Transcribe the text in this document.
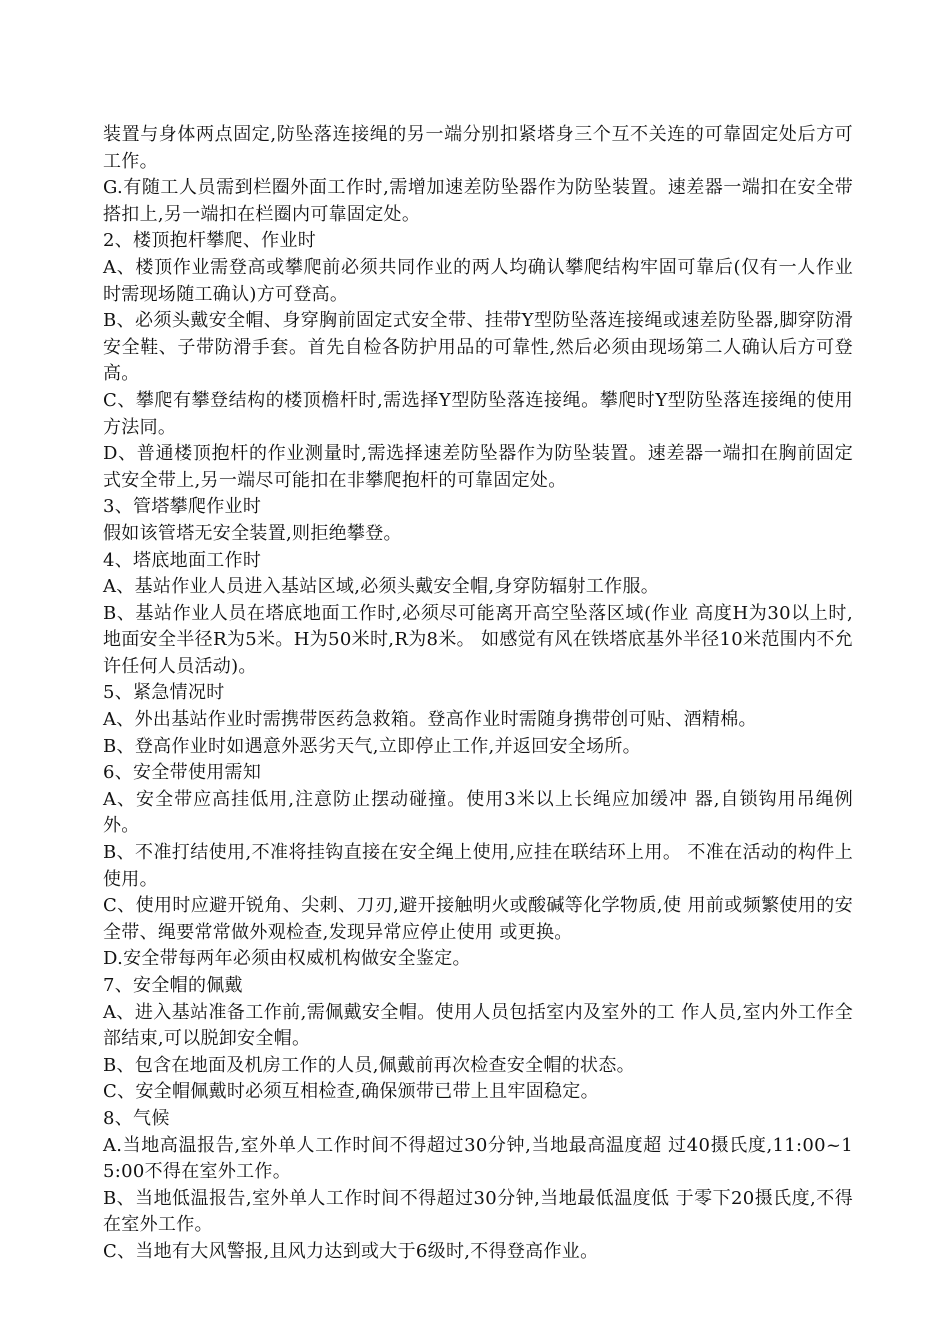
装置与身体两点固定,防坠落连接绳的另一端分别扣紧塔身三个互不关连的可靠固定处后方可工作。

G.有随工人员需到栏圈外面工作时,需增加速差防坠器作为防坠装置。速差器一端扣在安全带搭扣上,另一端扣在栏圈内可靠固定处。

2、楼顶抱杆攀爬、作业时

A、楼顶作业需登高或攀爬前必须共同作业的两人均确认攀爬结构牢固可靠后(仅有一人作业时需现场随工确认)方可登高。

B、必须头戴安全帽、身穿胸前固定式安全带、挂带Y型防坠落连接绳或速差防坠器,脚穿防滑安全鞋、子带防滑手套。首先自检各防护用品的可靠性,然后必须由现场第二人确认后方可登高。

C、攀爬有攀登结构的楼顶檐杆时,需选择Y型防坠落连接绳。攀爬时Y型防坠落连接绳的使用方法同。

D、普通楼顶抱杆的作业测量时,需选择速差防坠器作为防坠装置。速差器一端扣在胸前固定式安全带上,另一端尽可能扣在非攀爬抱杆的可靠固定处。

3、管塔攀爬作业时

假如该管塔无安全装置,则拒绝攀登。

4、塔底地面工作时

A、基站作业人员进入基站区域,必须头戴安全帽,身穿防辐射工作服。

B、基站作业人员在塔底地面工作时,必须尽可能离开高空坠落区域(作业 高度H为30以上时,地面安全半径R为5米。H为50米时,R为8米。 如感觉有风在铁塔底基外半径10米范围内不允许任何人员活动)。

5、紧急情况时

A、外出基站作业时需携带医药急救箱。登高作业时需随身携带创可贴、酒精棉。

B、登高作业时如遇意外恶劣天气,立即停止工作,并返回安全场所。

6、安全带使用需知

A、安全带应高挂低用,注意防止摆动碰撞。使用3米以上长绳应加缓冲 器,自锁钩用吊绳例外。

B、不准打结使用,不准将挂钩直接在安全绳上使用,应挂在联结环上用。 不准在活动的构件上使用。

C、使用时应避开锐角、尖刺、刀刃,避开接触明火或酸碱等化学物质,使 用前或频繁使用的安全带、绳要常常做外观检查,发现异常应停止使用 或更换。

D.安全带每两年必须由权威机构做安全鉴定。

7、安全帽的佩戴

A、进入基站准备工作前,需佩戴安全帽。使用人员包括室内及室外的工 作人员,室内外工作全部结束,可以脱卸安全帽。

B、包含在地面及机房工作的人员,佩戴前再次检查安全帽的状态。

C、安全帽佩戴时必须互相检查,确保颁带已带上且牢固稳定。

8、气候

A.当地高温报告,室外单人工作时间不得超过30分钟,当地最高温度超 过40摄氏度,11:00~15:00不得在室外工作。

B、当地低温报告,室外单人工作时间不得超过30分钟,当地最低温度低 于零下20摄氏度,不得在室外工作。

C、当地有大风警报,且风力达到或大于6级时,不得登高作业。
